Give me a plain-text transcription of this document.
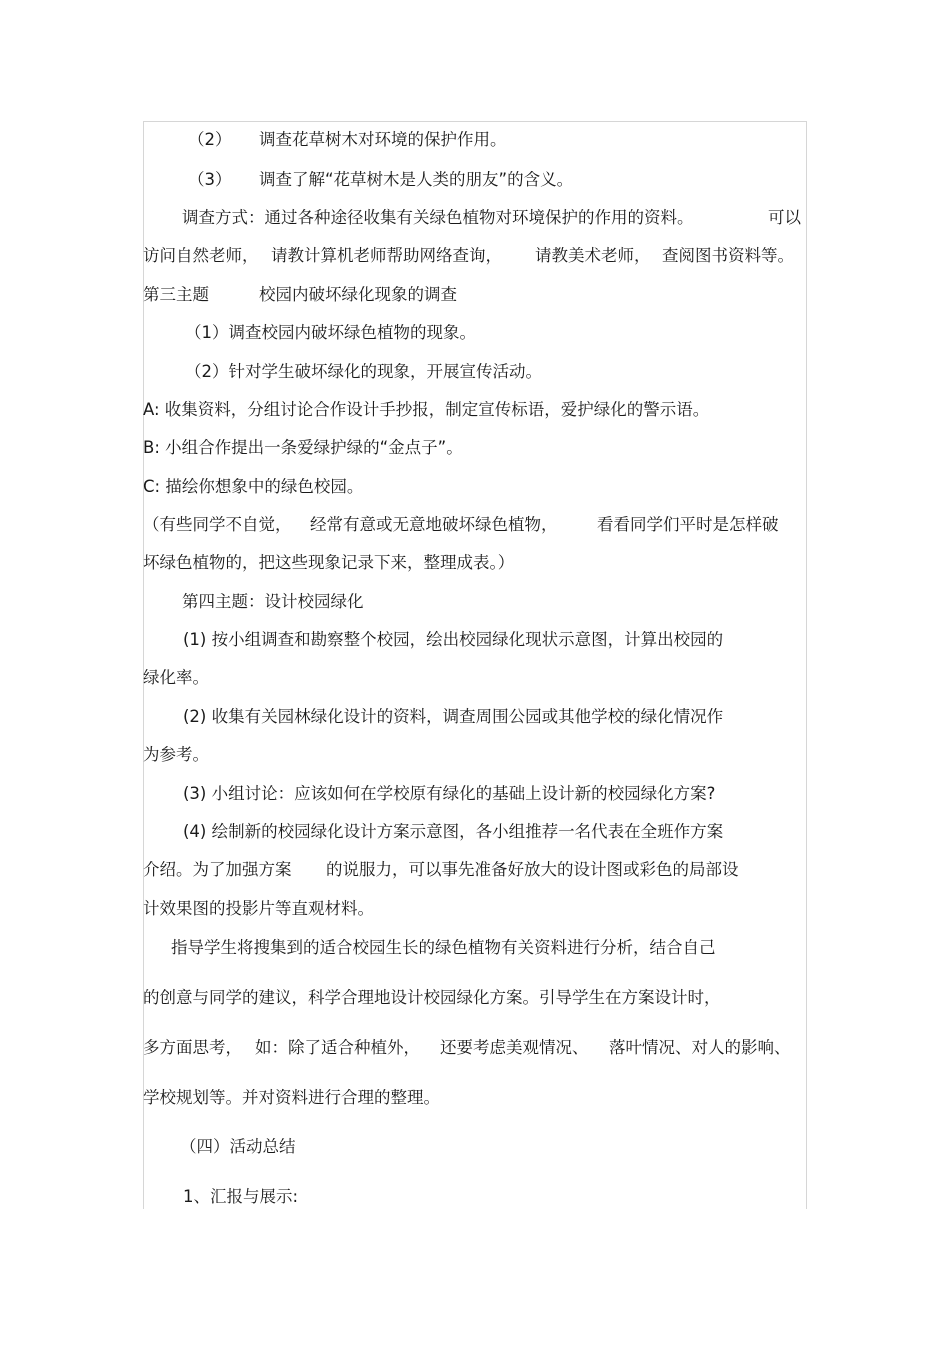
（2） 调查花草树木对环境的保护作用。
（3） 调查了解“花草树木是人类的朋友”的含义。
调查方式：通过各种途径收集有关绿色植物对环境保护的作用的资料。	可以
访问自然老师， 请教计算机老师帮助网络查询， 请教美术老师， 查阅图书资料等。
第三主题	校园内破坏绿化现象的调查
（1）调查校园内破坏绿色植物的现象。
（2）针对学生破坏绿化的现象，开展宣传活动。
A: 收集资料，分组讨论合作设计手抄报，制定宣传标语，爱护绿化的警示语。
B: 小组合作提出一条爱绿护绿的“金点子”。
C: 描绘你想象中的绿色校园。
（有些同学不自觉， 经常有意或无意地破坏绿色植物， 看看同学们平时是怎样破
坏绿色植物的，把这些现象记录下来，整理成表。）
第四主题：设计校园绿化
(1) 按小组调查和勘察整个校园，绘出校园绿化现状示意图，计算出校园的
绿化率。
(2) 收集有关园林绿化设计的资料，调查周围公园或其他学校的绿化情况作
为参考。
(3) 小组讨论：应该如何在学校原有绿化的基础上设计新的校园绿化方案?
(4) 绘制新的校园绿化设计方案示意图，各小组推荐一名代表在全班作方案
介绍。为了加强方案 的说服力，可以事先准备好放大的设计图或彩色的局部设
计效果图的投影片等直观材料。
指导学生将搜集到的适合校园生长的绿色植物有关资料进行分析，结合自己
的创意与同学的建议，科学合理地设计校园绿化方案。引导学生在方案设计时，
多方面思考， 如：除了适合种植外， 还要考虑美观情况、 落叶情况、对人的影响、
学校规划等。并对资料进行合理的整理。
（四）活动总结
1、汇报与展示:
